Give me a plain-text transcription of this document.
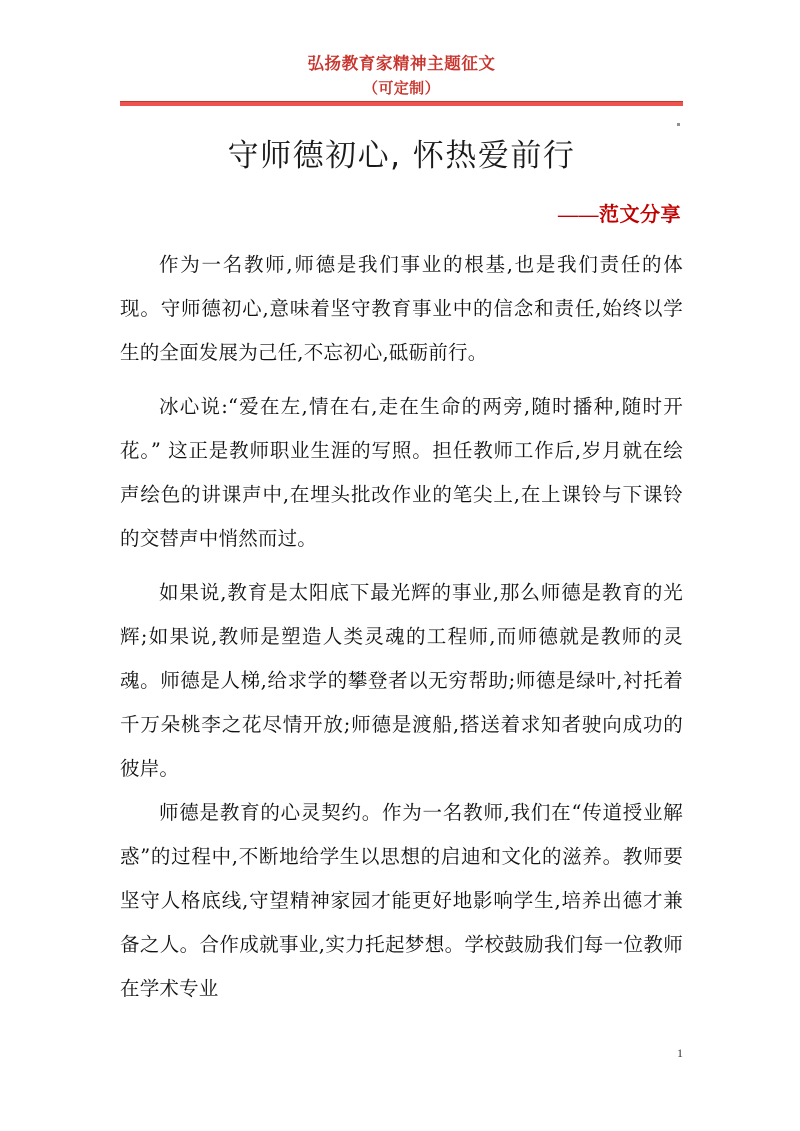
弘扬教育家精神主题征文
（可定制）
守师德初心, 怀热爱前行
——范文分享

作为一名教师,师德是我们事业的根基,也是我们责任的体现。守师德初心,意味着坚守教育事业中的信念和责任,始终以学生的全面发展为己任,不忘初心,砥砺前行。

冰心说:“爱在左,情在右,走在生命的两旁,随时播种,随时开花。” 这正是教师职业生涯的写照。担任教师工作后,岁月就在绘声绘色的讲课声中,在埋头批改作业的笔尖上,在上课铃与下课铃的交替声中悄然而过。

如果说,教育是太阳底下最光辉的事业,那么师德是教育的光辉;如果说,教师是塑造人类灵魂的工程师,而师德就是教师的灵魂。师德是人梯,给求学的攀登者以无穷帮助;师德是绿叶,衬托着千万朵桃李之花尽情开放;师德是渡船,搭送着求知者驶向成功的彼岸。

师德是教育的心灵契约。作为一名教师,我们在“传道授业解惑”的过程中,不断地给学生以思想的启迪和文化的滋养。教师要坚守人格底线,守望精神家园才能更好地影响学生,培养出德才兼备之人。合作成就事业,实力托起梦想。学校鼓励我们每一位教师在学术专业

1
